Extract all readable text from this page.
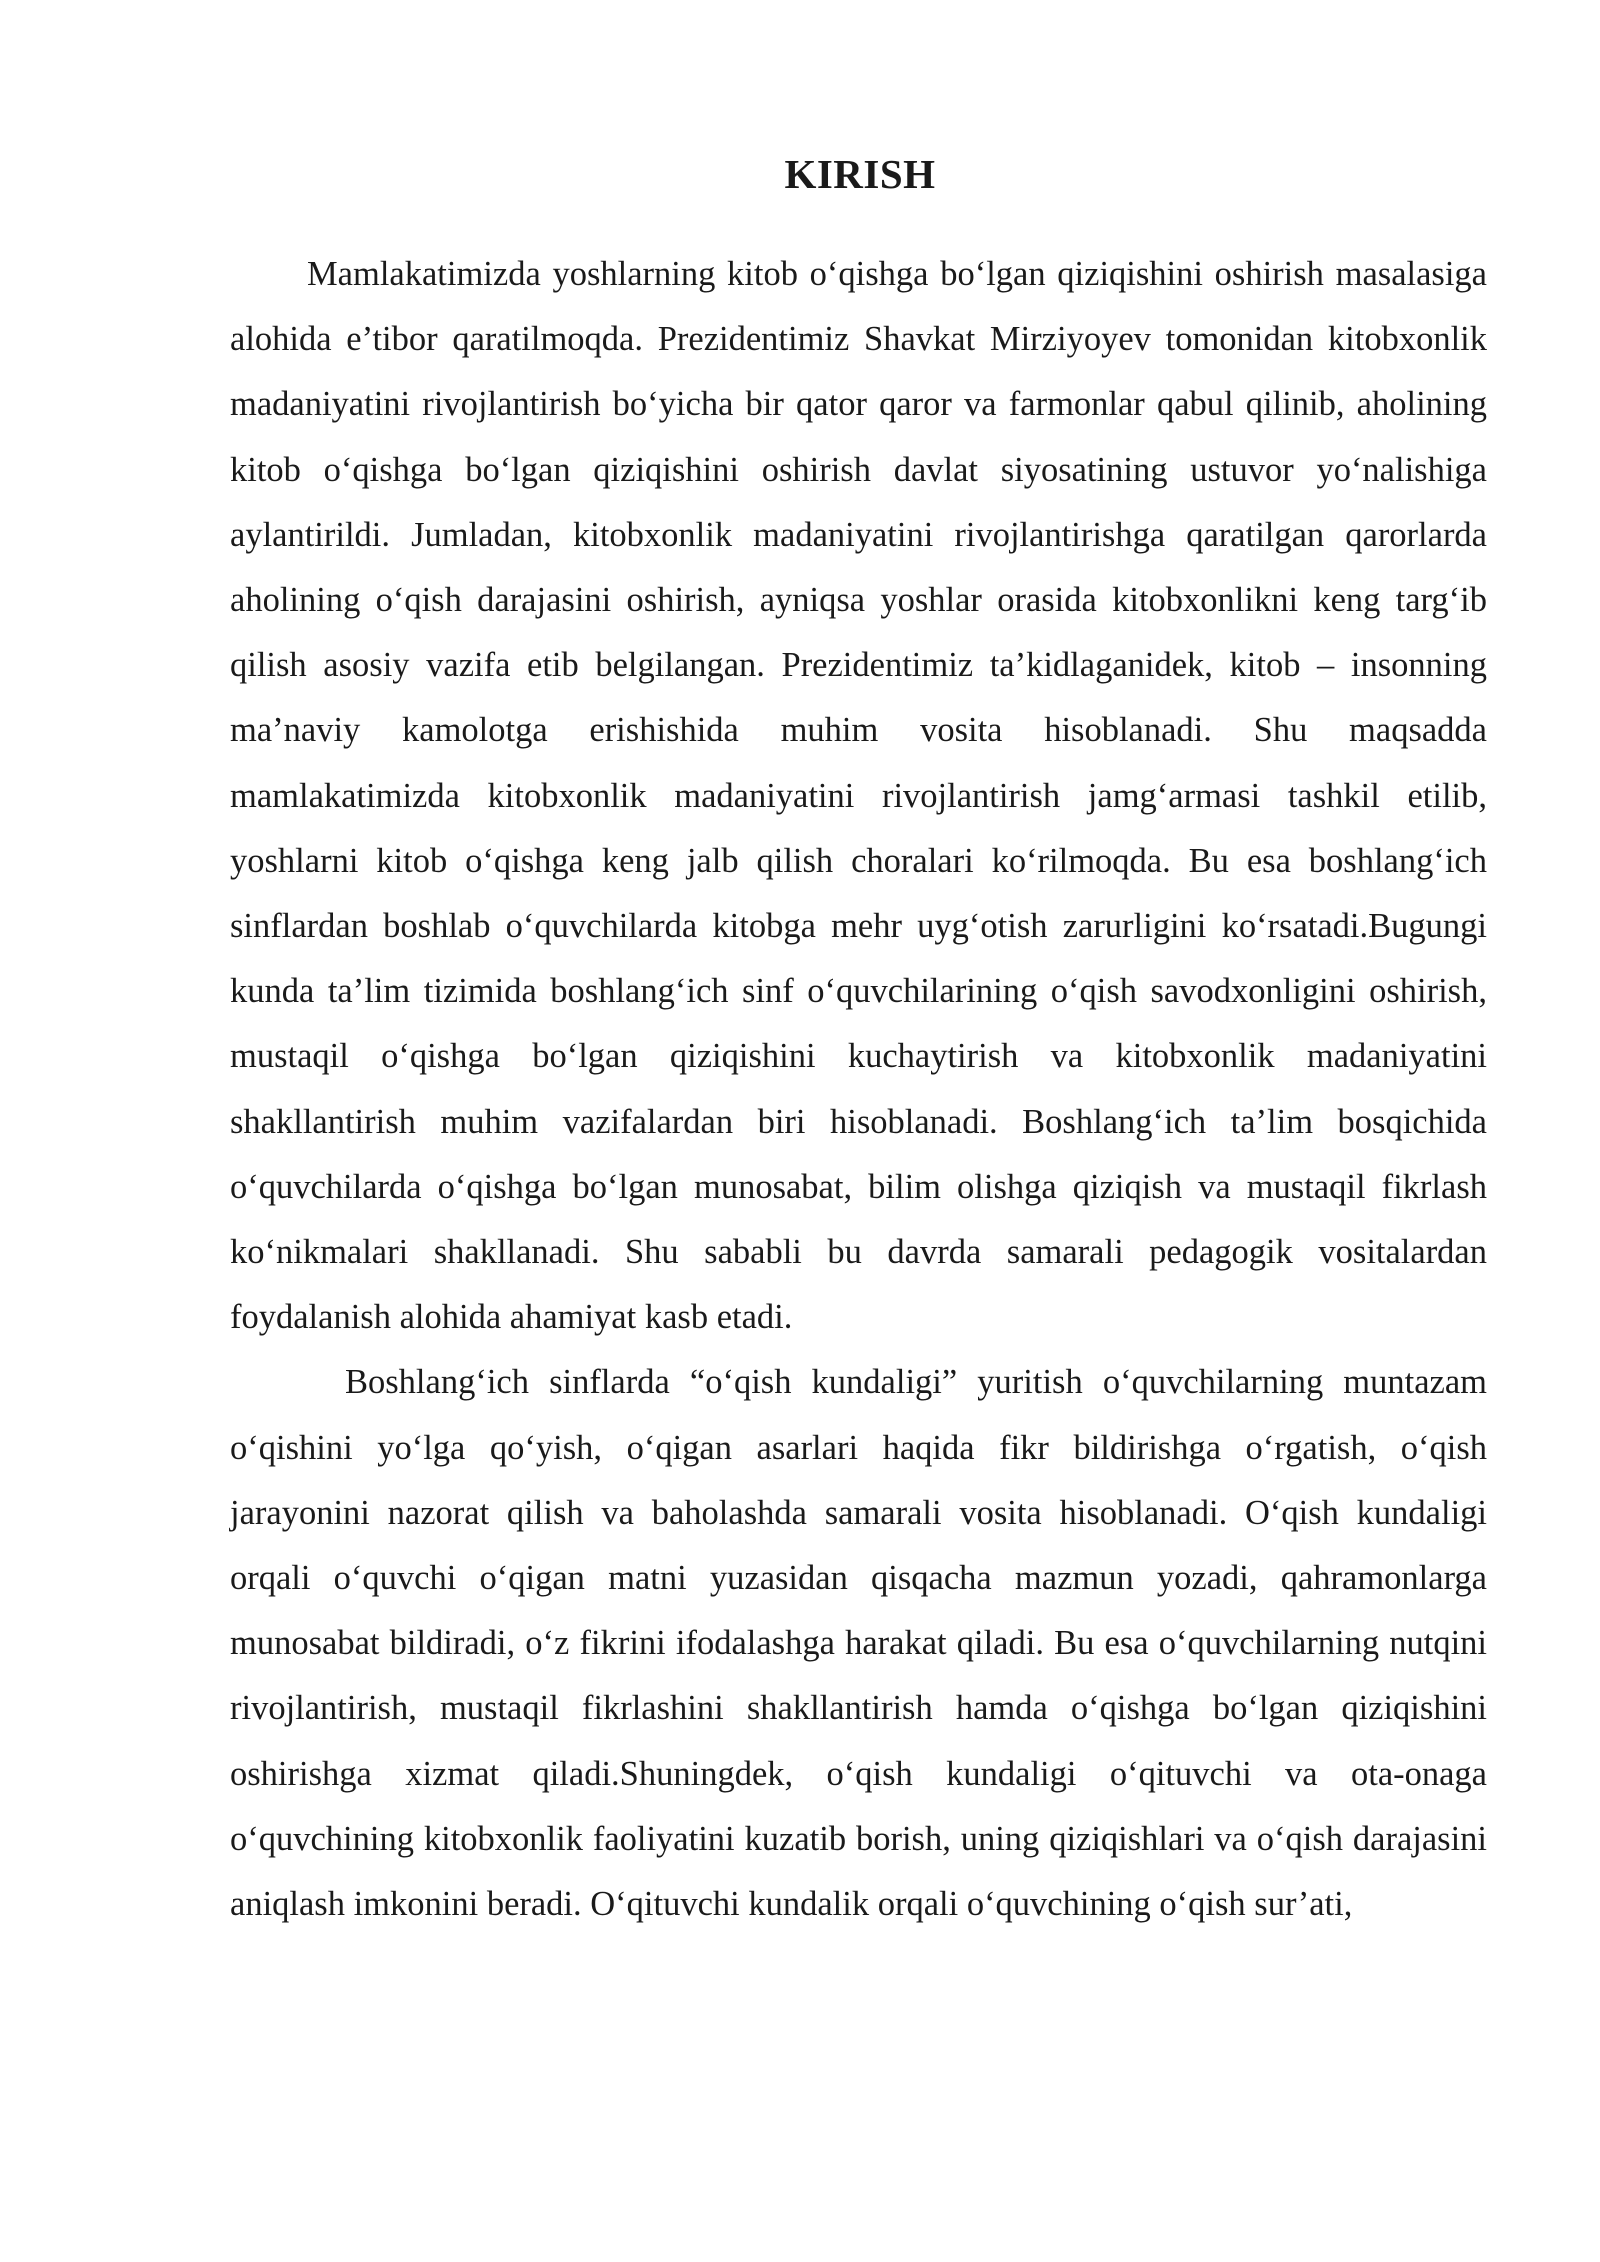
KIRISH

Mamlakatimizda yoshlarning kitob o‘qishga bo‘lgan qiziqishini oshirish masalasiga alohida e’tibor qaratilmoqda. Prezidentimiz Shavkat Mirziyoyev tomonidan kitobxonlik madaniyatini rivojlantirish bo‘yicha bir qator qaror va farmonlar qabul qilinib, aholining kitob o‘qishga bo‘lgan qiziqishini oshirish davlat siyosatining ustuvor yo‘nalishiga aylantirildi. Jumladan, kitobxonlik madaniyatini rivojlantirishga qaratilgan qarorlarda aholining o‘qish darajasini oshirish, ayniqsa yoshlar orasida kitobxonlikni keng targ‘ib qilish asosiy vazifa etib belgilangan. Prezidentimiz ta’kidlaganidek, kitob – insonning ma’naviy kamolotga erishishida muhim vosita hisoblanadi. Shu maqsadda mamlakatimizda kitobxonlik madaniyatini rivojlantirish jamg‘armasi tashkil etilib, yoshlarni kitob o‘qishga keng jalb qilish choralari ko‘rilmoqda. Bu esa boshlang‘ich sinflardan boshlab o‘quvchilarda kitobga mehr uyg‘otish zarurligini ko‘rsatadi.Bugungi kunda ta’lim tizimida boshlang‘ich sinf o‘quvchilarining o‘qish savodxonligini oshirish, mustaqil o‘qishga bo‘lgan qiziqishini kuchaytirish va kitobxonlik madaniyatini shakllantirish muhim vazifalardan biri hisoblanadi. Boshlang‘ich ta’lim bosqichida o‘quvchilarda o‘qishga bo‘lgan munosabat, bilim olishga qiziqish va mustaqil fikrlash ko‘nikmalari shakllanadi. Shu sababli bu davrda samarali pedagogik vositalardan foydalanish alohida ahamiyat kasb etadi.

Boshlang‘ich sinflarda “o‘qish kundaligi” yuritish o‘quvchilarning muntazam o‘qishini yo‘lga qo‘yish, o‘qigan asarlari haqida fikr bildirishga o‘rgatish, o‘qish jarayonini nazorat qilish va baholashda samarali vosita hisoblanadi. O‘qish kundaligi orqali o‘quvchi o‘qigan matni yuzasidan qisqacha mazmun yozadi, qahramonlarga munosabat bildiradi, o‘z fikrini ifodalashga harakat qiladi. Bu esa o‘quvchilarning nutqini rivojlantirish, mustaqil fikrlashini shakllantirish hamda o‘qishga bo‘lgan qiziqishini oshirishga xizmat qiladi.Shuningdek, o‘qish kundaligi o‘qituvchi va ota-onaga o‘quvchining kitobxonlik faoliyatini kuzatib borish, uning qiziqishlari va o‘qish darajasini aniqlash imkonini beradi. O‘qituvchi kundalik orqali o‘quvchining o‘qish sur’ati,
